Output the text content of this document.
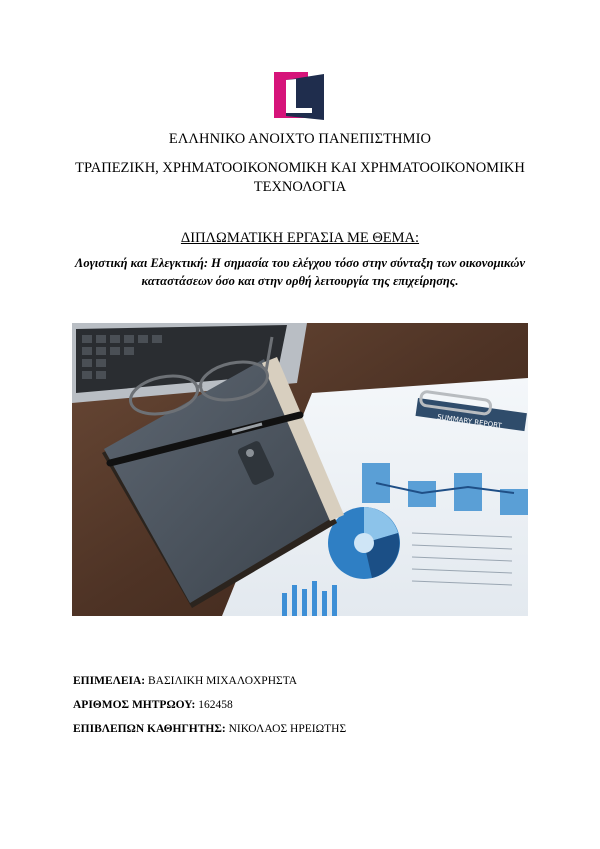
ΕΛΛΗΝΙΚΟ ΑΝΟΙΧΤΟ ΠΑΝΕΠΙΣΤΗΜΙΟ
ΤΡΑΠΕΖΙΚΗ, ΧΡΗΜΑΤΟΟΙΚΟΝΟΜΙΚΗ ΚΑΙ ΧΡΗΜΑΤΟΟΙΚΟΝΟΜΙΚΗ ΤΕΧΝΟΛΟΓΙΑ
ΔΙΠΛΩΜΑΤΙΚΗ ΕΡΓΑΣΙΑ ΜΕ ΘΕΜΑ:
Λογιστική και Ελεγκτική: Η σημασία του ελέγχου τόσο στην σύνταξη των οικονομικών καταστάσεων όσο και στην ορθή λειτουργία της επιχείρησης.
SUMMARY REPORT
ΕΠΙΜΕΛΕΙΑ: ΒΑΣΙΛΙΚΗ ΜΙΧΑΛΟΧΡΗΣΤΑ
ΑΡΙΘΜΟΣ ΜΗΤΡΩΟΥ: 162458
ΕΠΙΒΛΕΠΩΝ ΚΑΘΗΓΗΤΗΣ: ΝΙΚΟΛΑΟΣ ΗΡΕΙΩΤΗΣ
